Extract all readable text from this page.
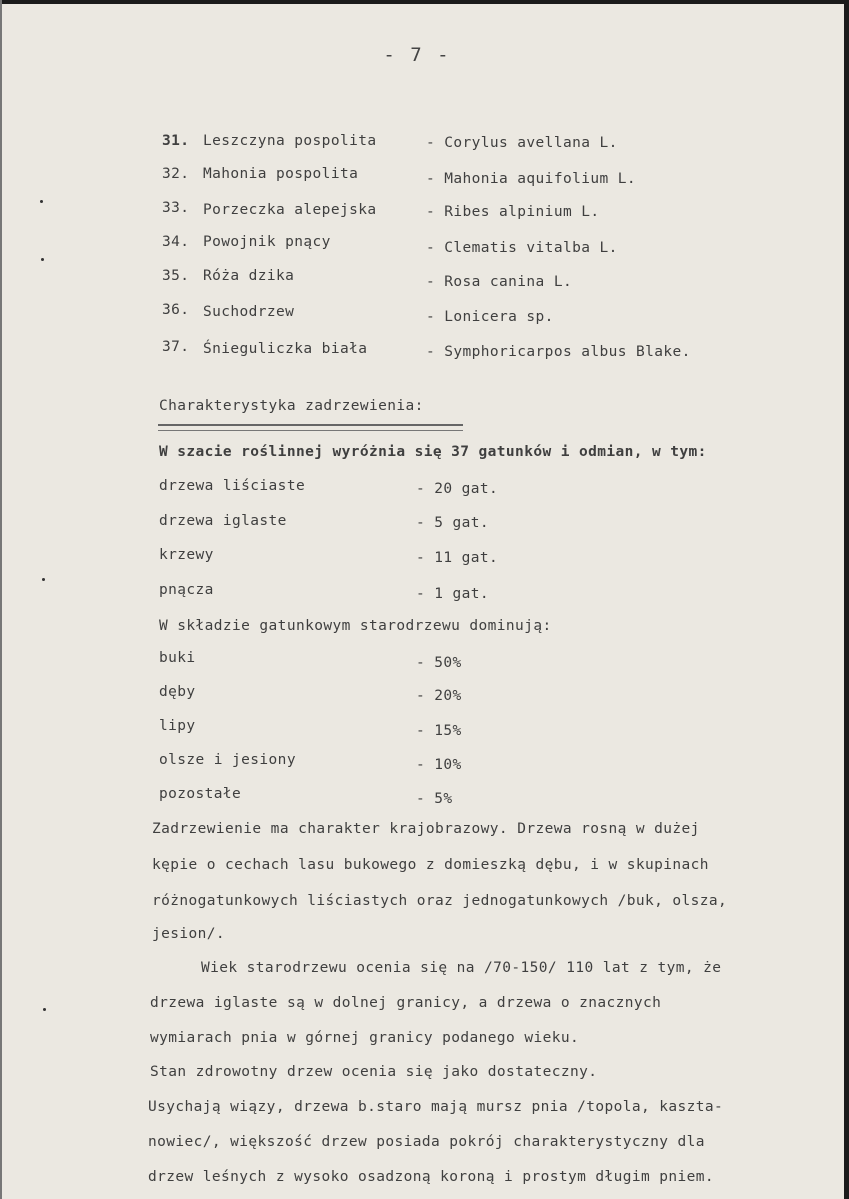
- 7 -
31. Leszczyna pospolita	- Corylus avellana L.
32. Mahonia pospolita	- Mahonia aquifolium L.
33. Porzeczka alepejska	- Ribes alpinium L.
34. Powojnik pnący	- Clematis vitalba L.
35. Róża dzika	- Rosa canina L.
36. Suchodrzew	- Lonicera sp.
37. Śnieguliczka biała	- Symphoricarpos albus Blake.
Charakterystyka zadrzewienia:
W szacie roślinnej wyróżnia się 37 gatunków i odmian, w tym:
drzewa liściaste	- 20 gat.
drzewa iglaste	- 5 gat.
krzewy	- 11 gat.
pnącza	- 1 gat.
W składzie gatunkowym starodrzewu dominują:
buki	- 50%
dęby	- 20%
lipy	- 15%
olsze i jesiony	- 10%
pozostałe	- 5%
Zadrzewienie ma charakter krajobrazowy. Drzewa rosną w dużej
kępie o cechach lasu bukowego z domieszką dębu, i w skupinach
różnogatunkowych liściastych oraz jednogatunkowych /buk, olsza,
jesion/.
Wiek starodrzewu ocenia się na /70-150/ 110 lat z tym, że
drzewa iglaste są w dolnej granicy, a drzewa o znacznych
wymiarach pnia w górnej granicy podanego wieku.
Stan zdrowotny drzew ocenia się jako dostateczny.
Usychają wiązy, drzewa b.staro mają mursz pnia /topola, kaszta-
nowiec/, większość drzew posiada pokrój charakterystyczny dla
drzew leśnych z wysoko osadzoną koroną i prostym długim pniem.
